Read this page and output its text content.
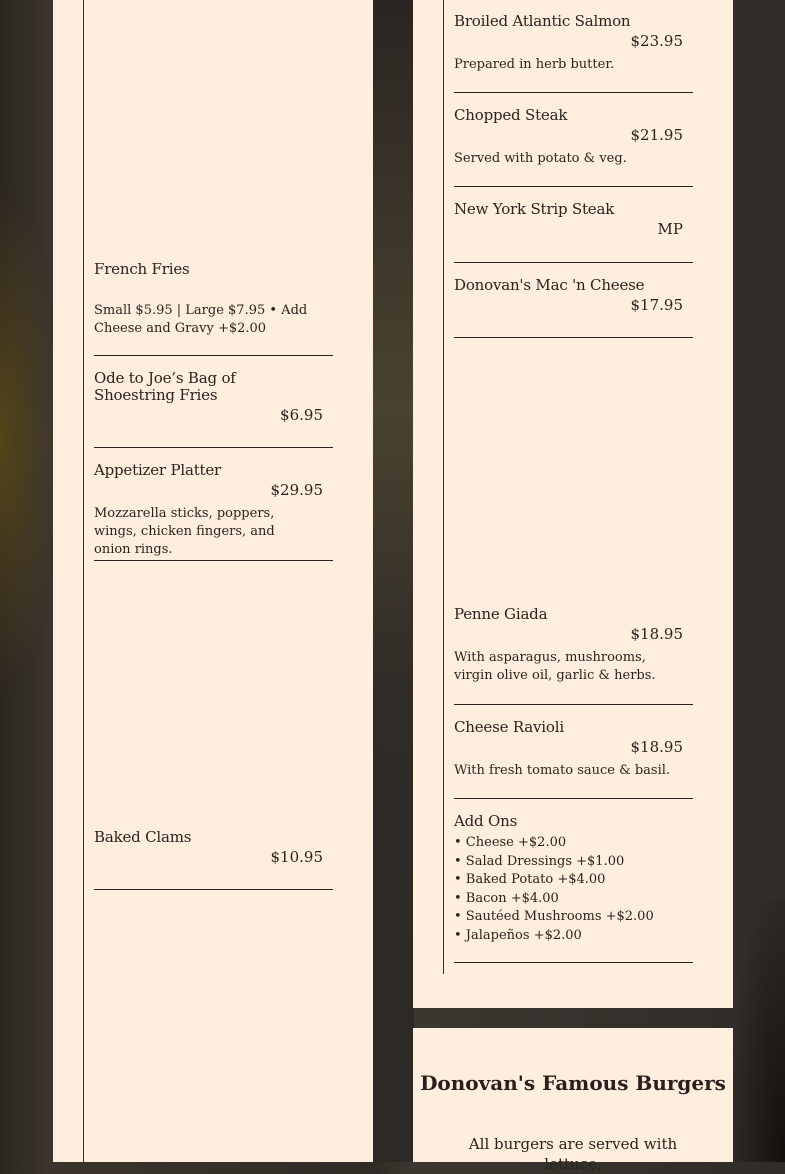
French Fries
Small $5.95 | Large $7.95 • Add Cheese and Gravy +$2.00
Ode to Joe’s Bag of Shoestring Fries
$6.95
Appetizer Platter
$29.95
Mozzarella sticks, poppers, wings, chicken fingers, and onion rings.
Baked Clams
$10.95
Broiled Atlantic Salmon
$23.95
Prepared in herb butter.
Chopped Steak
$21.95
Served with potato & veg.
New York Strip Steak
MP
Donovan's Mac 'n Cheese
$17.95
Penne Giada
$18.95
With asparagus, mushrooms, virgin olive oil, garlic & herbs.
Cheese Ravioli
$18.95
With fresh tomato sauce & basil.
Add Ons
• Cheese +$2.00
• Salad Dressings +$1.00
• Baked Potato +$4.00
• Bacon +$4.00
• Sautéed Mushrooms +$2.00
• Jalapeños +$2.00
Donovan's Famous Burgers
All burgers are served with lettuce,
